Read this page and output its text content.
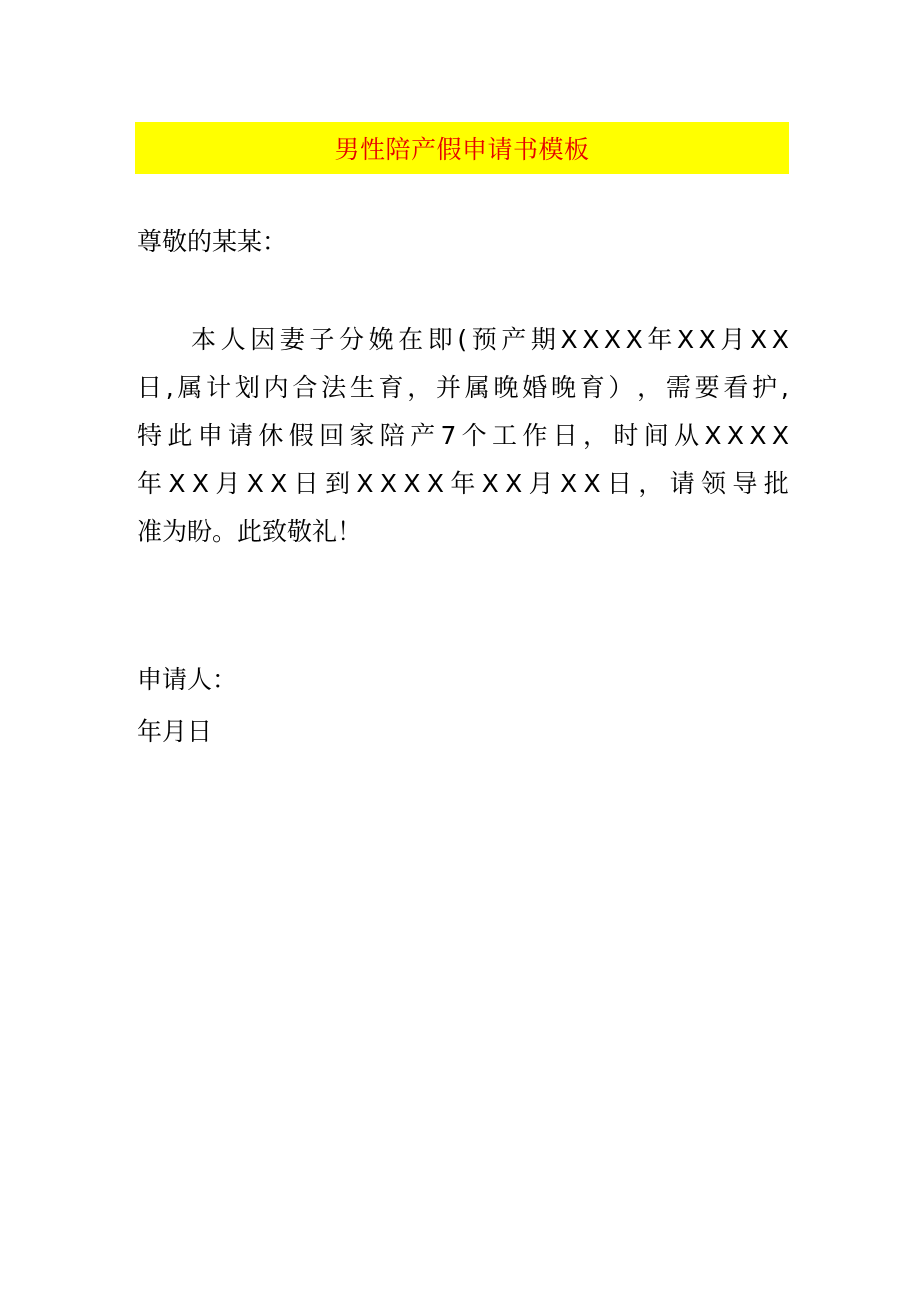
男性陪产假申请书模板
尊敬的某某：
本 人 因 妻 子 分 娩 在 即 ( 预 产 期 X X X X 年 X X 月 X X
日 , 属 计 划 内 合 法 生 育 ， 并 属 晚 婚 晚 育 ） ， 需 要 看 护 ,
特 此 申 请 休 假 回 家 陪 产 7 个 工 作 日 ， 时 间 从 X X X X
年 X X 月 X X 日 到 X X X X 年 X X 月 X X 日 ， 请 领 导 批
准为盼。此致敬礼！
申请人：
年月日
